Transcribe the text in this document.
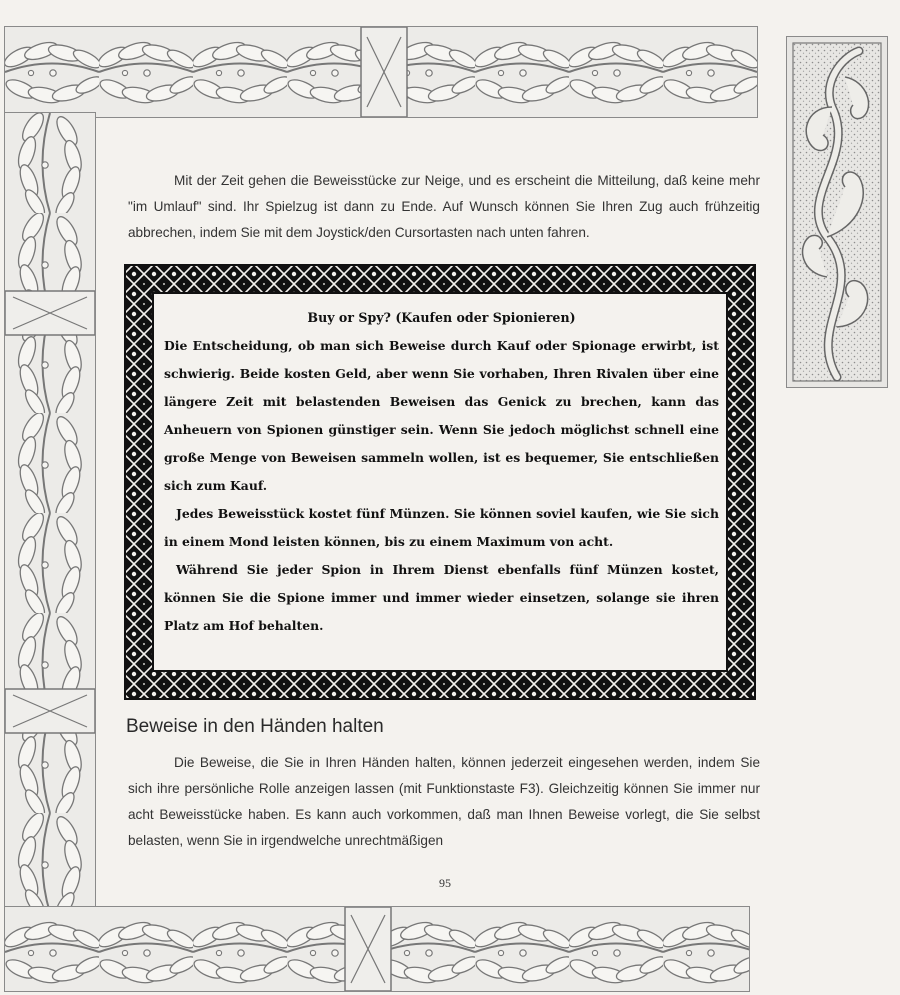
Mit der Zeit gehen die Beweisstücke zur Neige, und es erscheint die Mitteilung, daß keine mehr "im Umlauf" sind. Ihr Spielzug ist dann zu Ende. Auf Wunsch können Sie Ihren Zug auch frühzeitig abbrechen, indem Sie mit dem Joystick/den Cursortasten nach unten fahren.

Buy or Spy? (Kaufen oder Spionieren)

Die Entscheidung, ob man sich Beweise durch Kauf oder Spionage erwirbt, ist schwierig. Beide kosten Geld, aber wenn Sie vorhaben, Ihren Rivalen über eine längere Zeit mit belastenden Beweisen das Genick zu brechen, kann das Anheuern von Spionen günstiger sein. Wenn Sie jedoch möglichst schnell eine große Menge von Beweisen sammeln wollen, ist es bequemer, Sie entschließen sich zum Kauf.

Jedes Beweisstück kostet fünf Münzen. Sie können soviel kaufen, wie Sie sich in einem Mond leisten können, bis zu einem Maximum von acht.

Während Sie jeder Spion in Ihrem Dienst ebenfalls fünf Münzen kostet, können Sie die Spione immer und immer wieder einsetzen, solange sie ihren Platz am Hof behalten.

Beweise in den Händen halten

Die Beweise, die Sie in Ihren Händen halten, können jederzeit eingesehen werden, indem Sie sich ihre persönliche Rolle anzeigen lassen (mit Funktionstaste F3). Gleichzeitig können Sie immer nur acht Beweisstücke haben. Es kann auch vorkommen, daß man Ihnen Beweise vorlegt, die Sie selbst belasten, wenn Sie in irgendwelche unrechtmäßigen

95
